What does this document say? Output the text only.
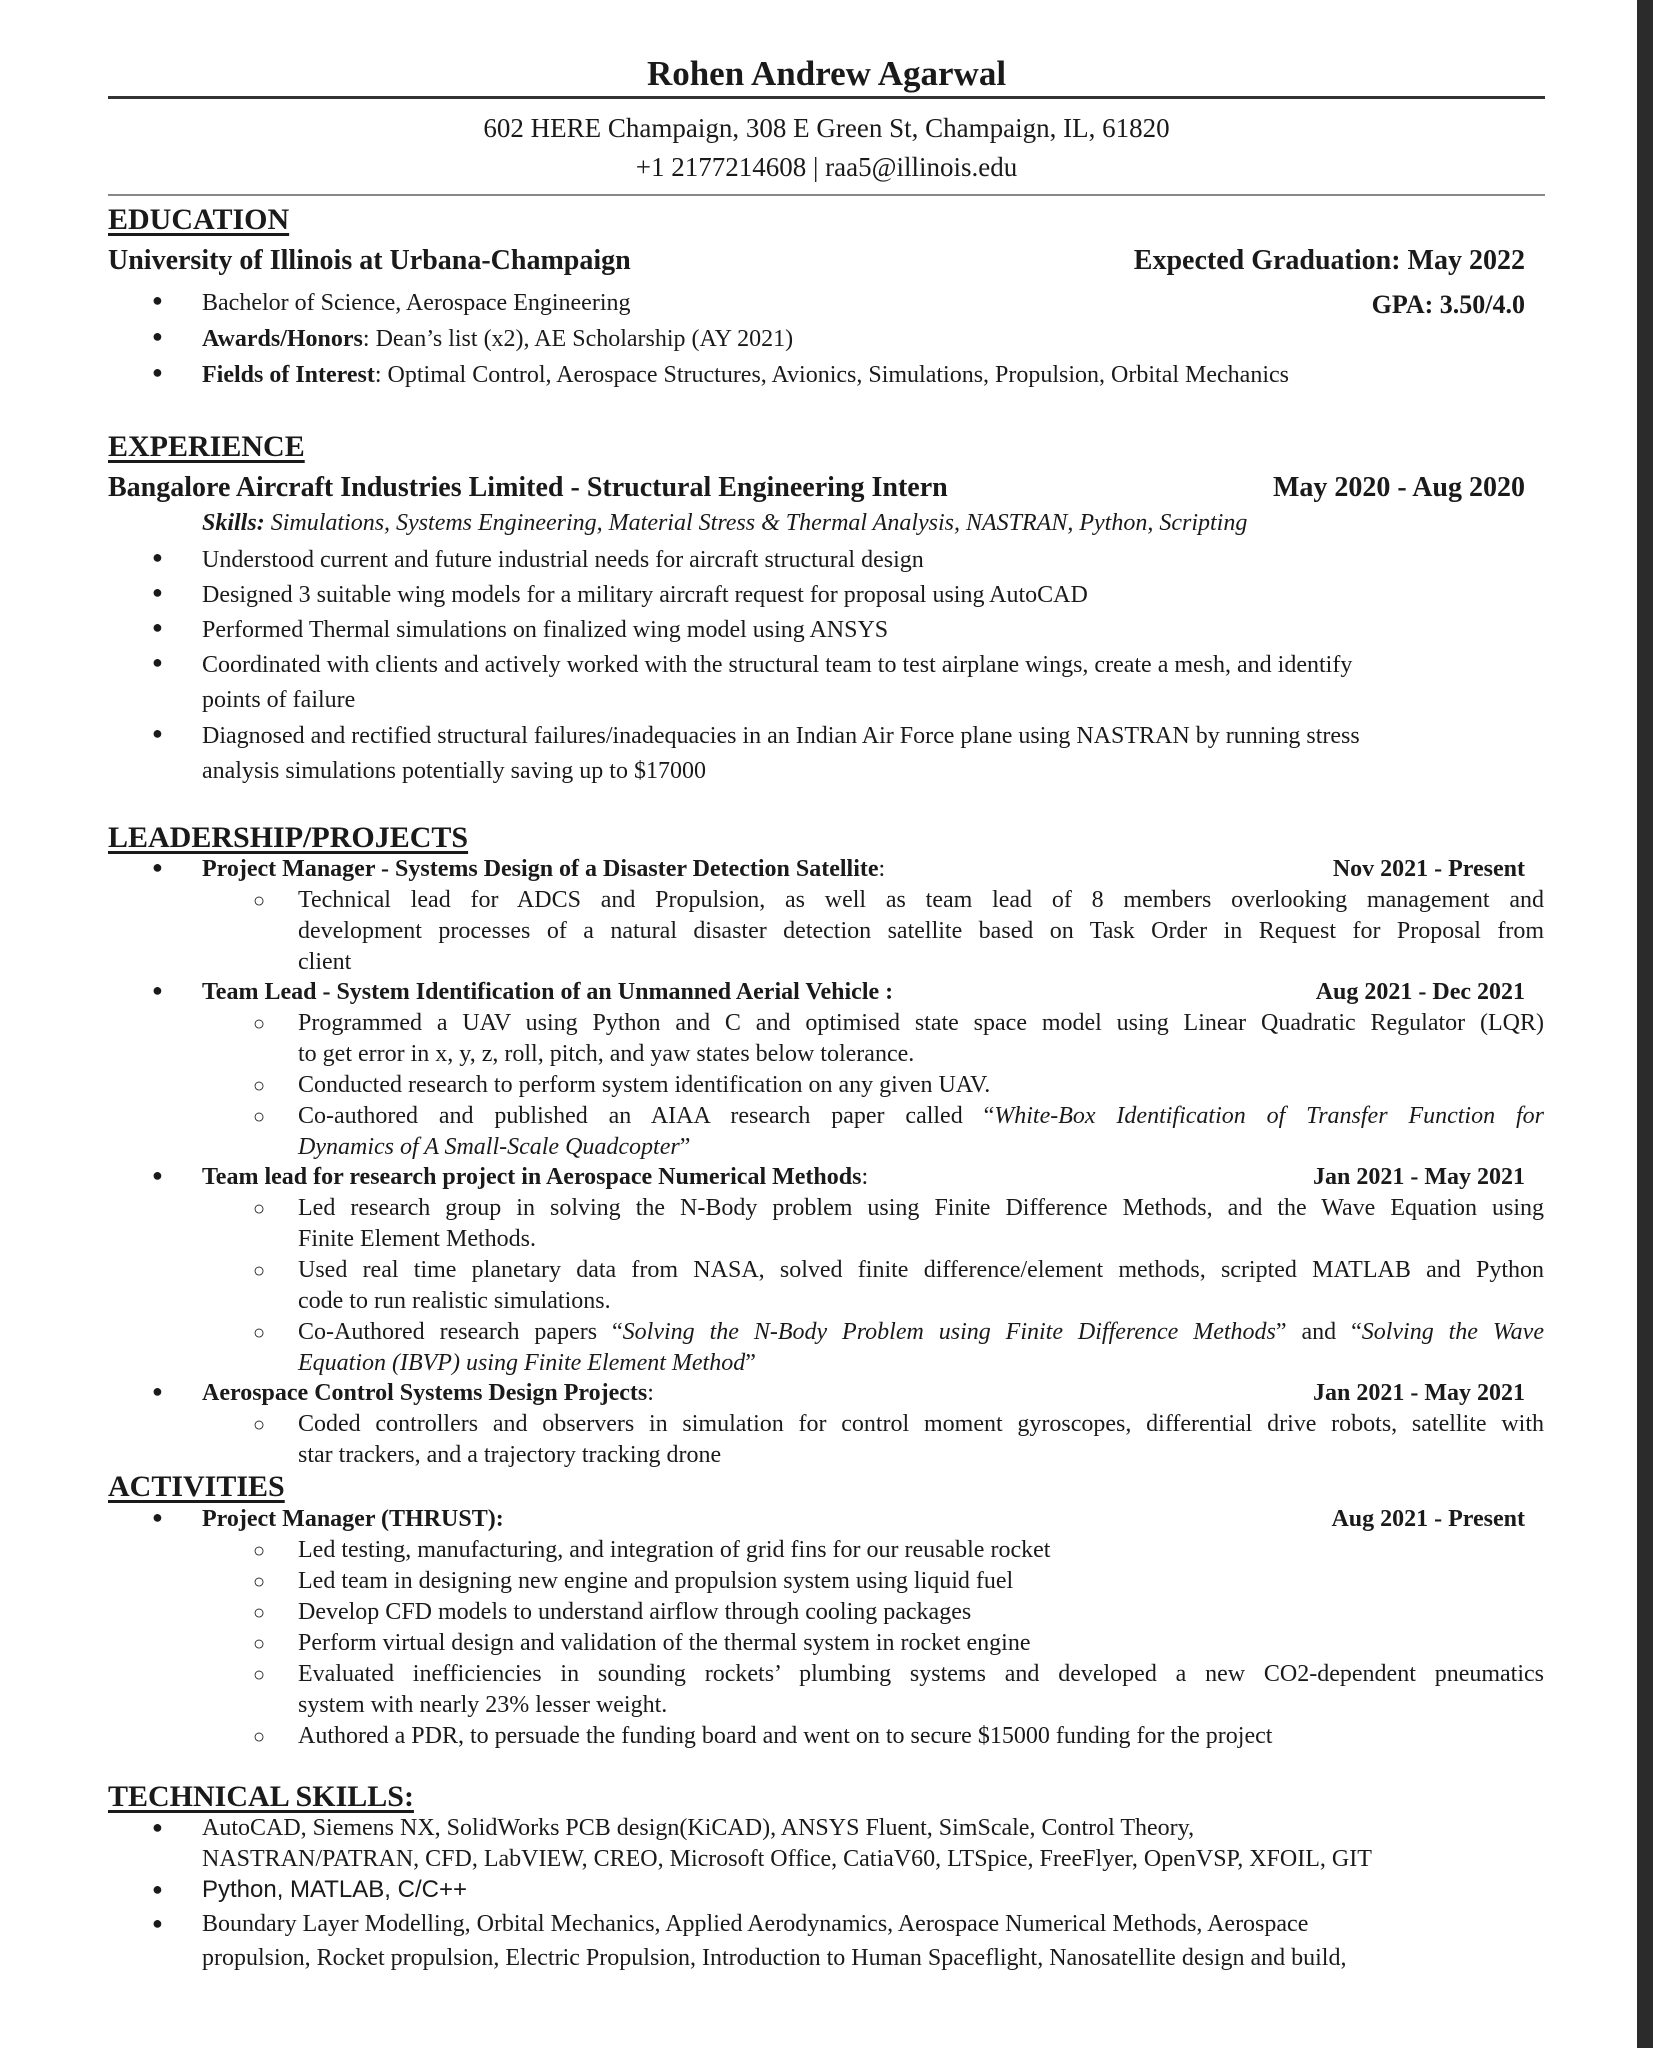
Rohen Andrew Agarwal
602 HERE Champaign, 308 E Green St, Champaign, IL, 61820
+1 2177214608 | raa5@illinois.edu
EDUCATION
University of Illinois at Urbana-Champaign	Expected Graduation: May 2022
● Bachelor of Science, Aerospace Engineering	GPA: 3.50/4.0
● Awards/Honors: Dean’s list (x2), AE Scholarship (AY 2021)
● Fields of Interest: Optimal Control, Aerospace Structures, Avionics, Simulations, Propulsion, Orbital Mechanics
EXPERIENCE
Bangalore Aircraft Industries Limited - Structural Engineering Intern	May 2020 - Aug 2020
Skills: Simulations, Systems Engineering, Material Stress & Thermal Analysis, NASTRAN, Python, Scripting
● Understood current and future industrial needs for aircraft structural design
● Designed 3 suitable wing models for a military aircraft request for proposal using AutoCAD
● Performed Thermal simulations on finalized wing model using ANSYS
● Coordinated with clients and actively worked with the structural team to test airplane wings, create a mesh, and identify
points of failure
● Diagnosed and rectified structural failures/inadequacies in an Indian Air Force plane using NASTRAN by running stress
analysis simulations potentially saving up to $17000
LEADERSHIP/PROJECTS
● Project Manager - Systems Design of a Disaster Detection Satellite:	Nov 2021 - Present
○ Technical lead for ADCS and Propulsion, as well as team lead of 8 members overlooking management and
development processes of a natural disaster detection satellite based on Task Order in Request for Proposal from
client
● Team Lead - System Identification of an Unmanned Aerial Vehicle :	Aug 2021 - Dec 2021
○ Programmed a UAV using Python and C and optimised state space model using Linear Quadratic Regulator (LQR)
to get error in x, y, z, roll, pitch, and yaw states below tolerance.
○ Conducted research to perform system identification on any given UAV.
○ Co-authored and published an AIAA research paper called “White-Box Identification of Transfer Function for
Dynamics of A Small-Scale Quadcopter”
● Team lead for research project in Aerospace Numerical Methods:	Jan 2021 - May 2021
○ Led research group in solving the N-Body problem using Finite Difference Methods, and the Wave Equation using
Finite Element Methods.
○ Used real time planetary data from NASA, solved finite difference/element methods, scripted MATLAB and Python
code to run realistic simulations.
○ Co-Authored research papers “Solving the N-Body Problem using Finite Difference Methods” and “Solving the Wave
Equation (IBVP) using Finite Element Method”
● Aerospace Control Systems Design Projects:	Jan 2021 - May 2021
○ Coded controllers and observers in simulation for control moment gyroscopes, differential drive robots, satellite with
star trackers, and a trajectory tracking drone
ACTIVITIES
● Project Manager (THRUST):	Aug 2021 - Present
○ Led testing, manufacturing, and integration of grid fins for our reusable rocket
○ Led team in designing new engine and propulsion system using liquid fuel
○ Develop CFD models to understand airflow through cooling packages
○ Perform virtual design and validation of the thermal system in rocket engine
○ Evaluated inefficiencies in sounding rockets’ plumbing systems and developed a new CO2-dependent pneumatics
system with nearly 23% lesser weight.
○ Authored a PDR, to persuade the funding board and went on to secure $15000 funding for the project
TECHNICAL SKILLS:
● AutoCAD, Siemens NX, SolidWorks PCB design(KiCAD), ANSYS Fluent, SimScale, Control Theory,
NASTRAN/PATRAN, CFD, LabVIEW, CREO, Microsoft Office, CatiaV60, LTSpice, FreeFlyer, OpenVSP, XFOIL, GIT
● Python, MATLAB, C/C++
● Boundary Layer Modelling, Orbital Mechanics, Applied Aerodynamics, Aerospace Numerical Methods, Aerospace
propulsion, Rocket propulsion, Electric Propulsion, Introduction to Human Spaceflight, Nanosatellite design and build,
